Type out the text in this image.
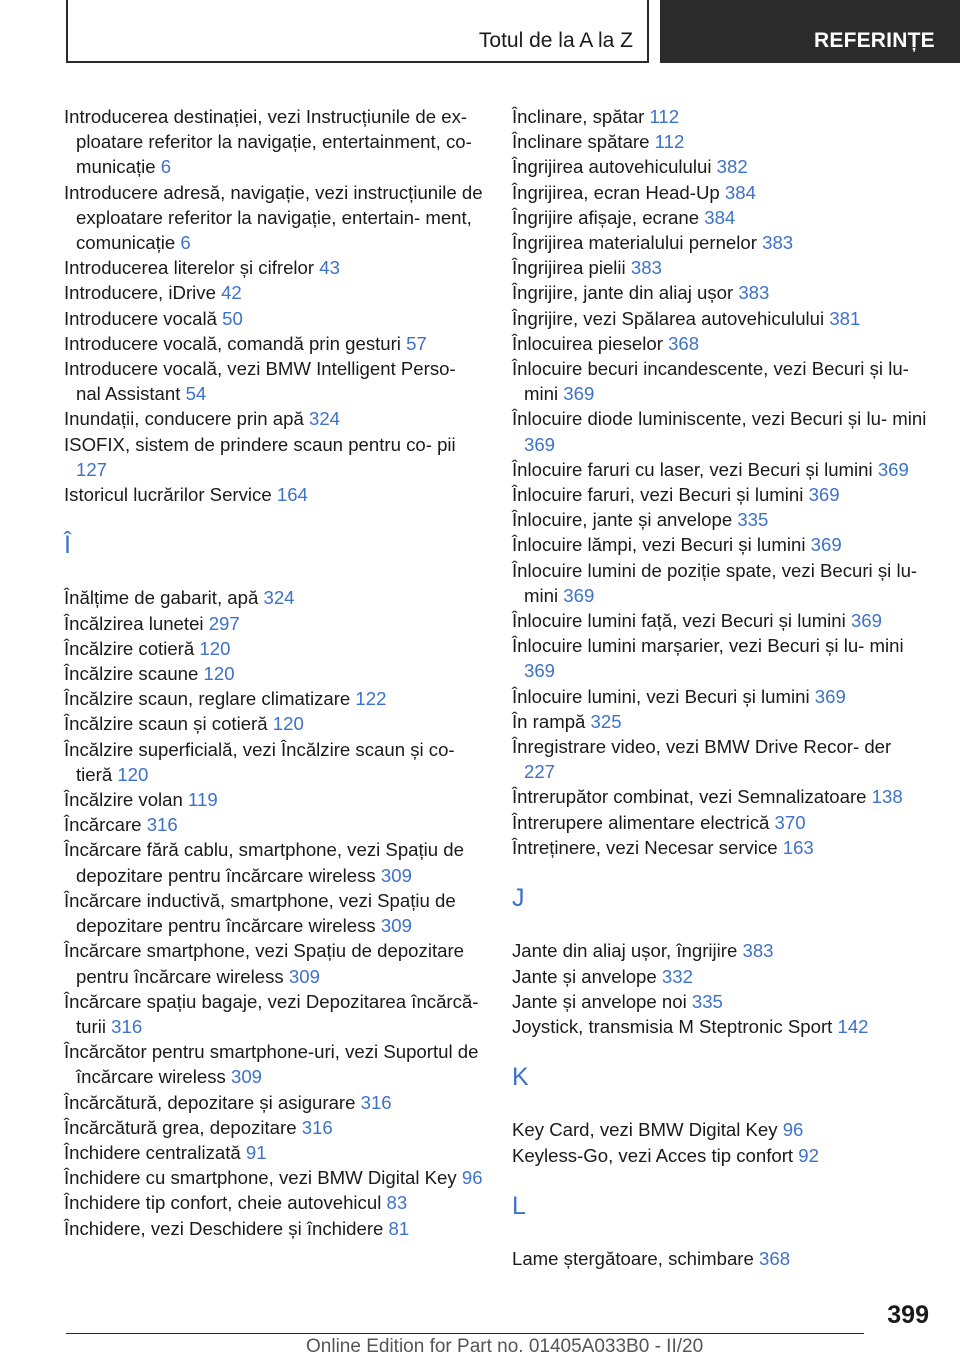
Totul de la A la Z	REFERINȚE
Introducerea destinației, vezi Instrucțiunile de ex‐ ploatare referitor la navigație, entertainment, co‐ municație 6
Introducere adresă, navigație, vezi instrucțiunile de exploatare referitor la navigație, entertain‐ ment, comunicație 6
Introducerea literelor și cifrelor 43
Introducere, iDrive 42
Introducere vocală 50
Introducere vocală, comandă prin gesturi 57
Introducere vocală, vezi BMW Intelligent Perso‐ nal Assistant 54
Inundații, conducere prin apă 324
ISOFIX, sistem de prindere scaun pentru co‐ pii 127
Istoricul lucrărilor Service 164
Î
Înălțime de gabarit, apă 324
Încălzirea lunetei 297
Încălzire cotieră 120
Încălzire scaune 120
Încălzire scaun, reglare climatizare 122
Încălzire scaun și cotieră 120
Încălzire superficială, vezi Încălzire scaun și co‐ tieră 120
Încălzire volan 119
Încărcare 316
Încărcare fără cablu, smartphone, vezi Spațiu de depozitare pentru încărcare wireless 309
Încărcare inductivă, smartphone, vezi Spațiu de depozitare pentru încărcare wireless 309
Încărcare smartphone, vezi Spațiu de depozitare pentru încărcare wireless 309
Încărcare spațiu bagaje, vezi Depozitarea încărcă‐ turii 316
Încărcător pentru smartphone-uri, vezi Suportul de încărcare wireless 309
Încărcătură, depozitare și asigurare 316
Încărcătură grea, depozitare 316
Închidere centralizată 91
Închidere cu smartphone, vezi BMW Digital Key 96
Închidere tip confort, cheie autovehicul 83
Închidere, vezi Deschidere și închidere 81
Înclinare, spătar 112
Înclinare spătare 112
Îngrijirea autovehiculului 382
Îngrijirea, ecran Head-Up 384
Îngrijire afișaje, ecrane 384
Îngrijirea materialului pernelor 383
Îngrijirea pielii 383
Îngrijire, jante din aliaj ușor 383
Îngrijire, vezi Spălarea autovehiculului 381
Înlocuirea pieselor 368
Înlocuire becuri incandescente, vezi Becuri și lu‐ mini 369
Înlocuire diode luminiscente, vezi Becuri și lu‐ mini 369
Înlocuire faruri cu laser, vezi Becuri și lumini 369
Înlocuire faruri, vezi Becuri și lumini 369
Înlocuire, jante și anvelope 335
Înlocuire lămpi, vezi Becuri și lumini 369
Înlocuire lumini de poziție spate, vezi Becuri și lu‐ mini 369
Înlocuire lumini față, vezi Becuri și lumini 369
Înlocuire lumini marșarier, vezi Becuri și lu‐ mini 369
Înlocuire lumini, vezi Becuri și lumini 369
În rampă 325
Înregistrare video, vezi BMW Drive Recor‐ der 227
Întrerupător combinat, vezi Semnalizatoare 138
Întrerupere alimentare electrică 370
Întreținere, vezi Necesar service 163
J
Jante din aliaj ușor, îngrijire 383
Jante și anvelope 332
Jante și anvelope noi 335
Joystick, transmisia M Steptronic Sport 142
K
Key Card, vezi BMW Digital Key 96
Keyless-Go, vezi Acces tip confort 92
L
Lame ștergătoare, schimbare 368
399
Online Edition for Part no. 01405A033B0 - II/20
